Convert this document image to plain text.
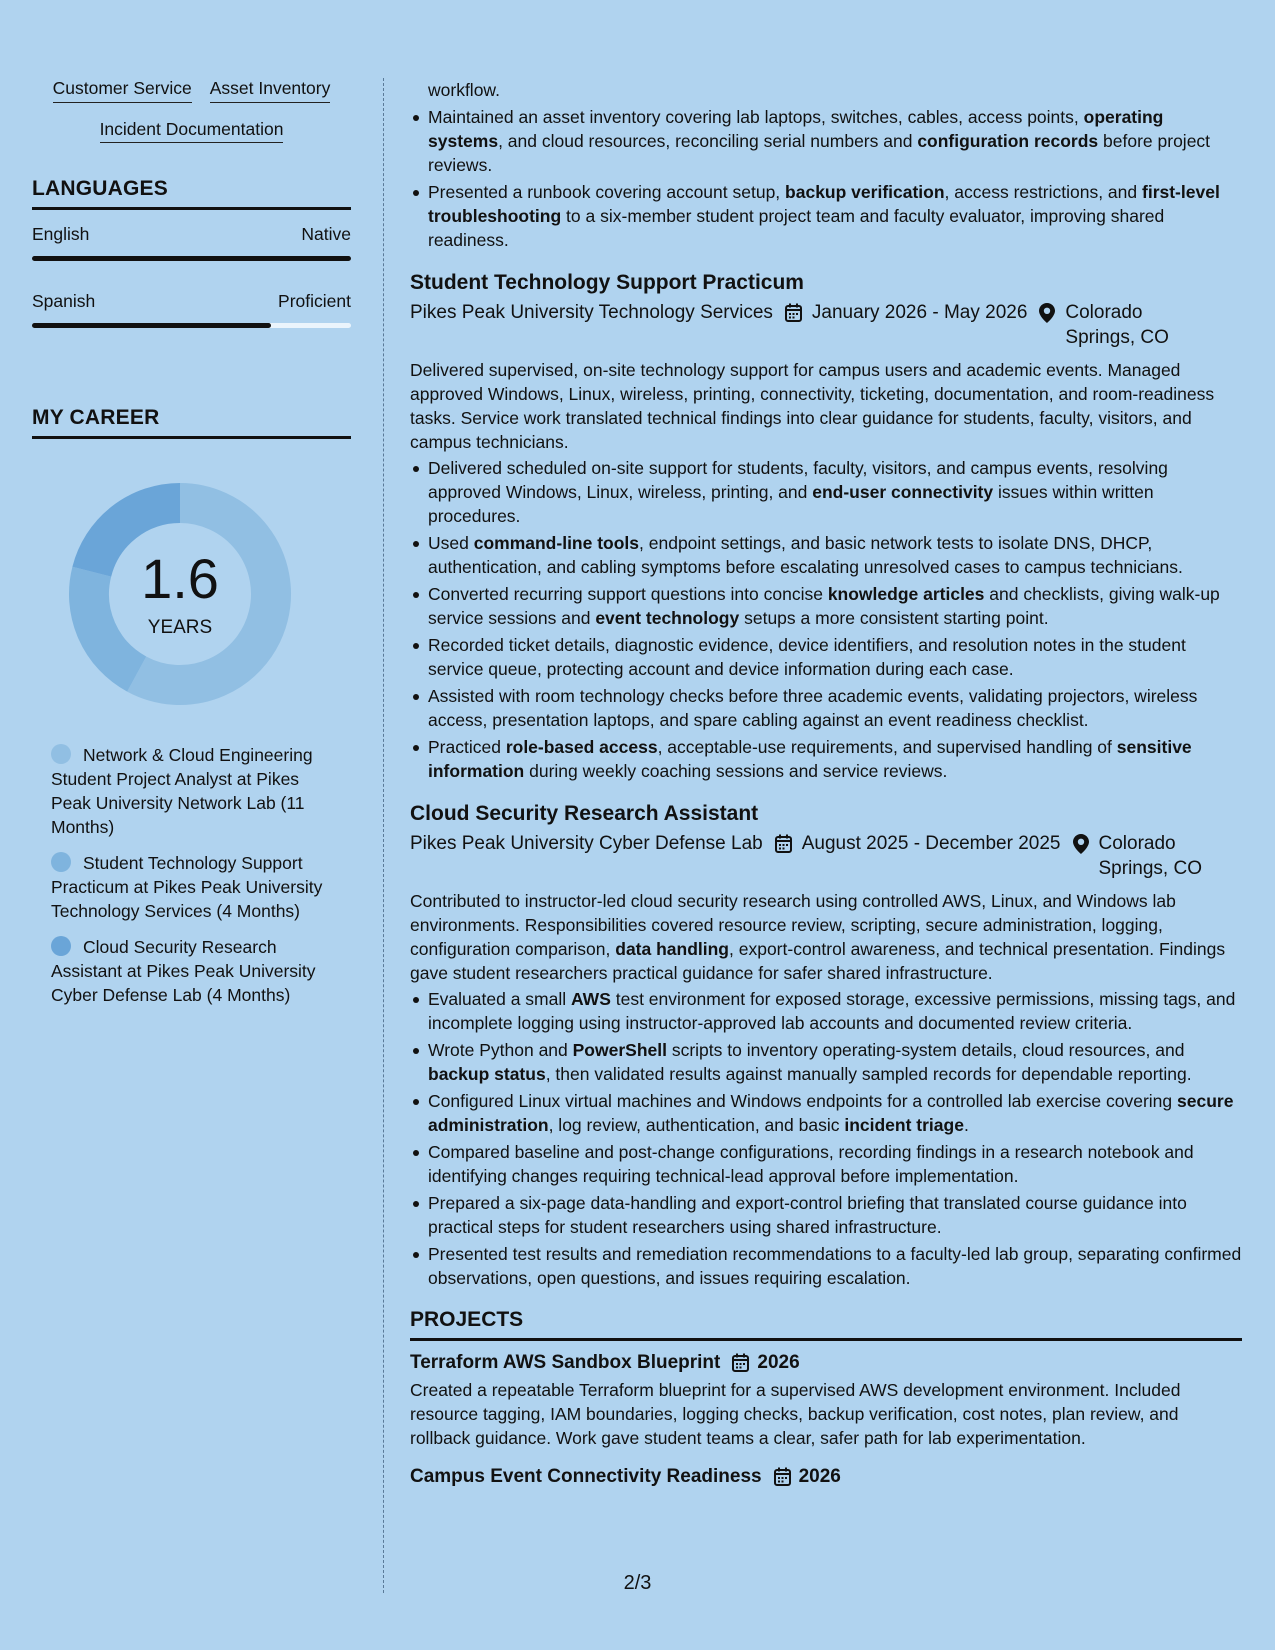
Customer Service Asset Inventory
Incident Documentation
LANGUAGES
English	Native
Spanish	Proficient
MY CAREER
1.6
YEARS
Network & Cloud Engineering Student Project Analyst at Pikes Peak University Network Lab (11 Months)
Student Technology Support Practicum at Pikes Peak University Technology Services (4 Months)
Cloud Security Research Assistant at Pikes Peak University Cyber Defense Lab (4 Months)
workflow.
Maintained an asset inventory covering lab laptops, switches, cables, access points, operating systems, and cloud resources, reconciling serial numbers and configuration records before project reviews.
Presented a runbook covering account setup, backup verification, access restrictions, and first-level troubleshooting to a six-member student project team and faculty evaluator, improving shared readiness.
Student Technology Support Practicum
Pikes Peak University Technology Services January 2026 - May 2026 Colorado Springs, CO
Delivered supervised, on-site technology support for campus users and academic events. Managed approved Windows, Linux, wireless, printing, connectivity, ticketing, documentation, and room-readiness tasks. Service work translated technical findings into clear guidance for students, faculty, visitors, and campus technicians.
Delivered scheduled on-site support for students, faculty, visitors, and campus events, resolving approved Windows, Linux, wireless, printing, and end-user connectivity issues within written procedures.
Used command-line tools, endpoint settings, and basic network tests to isolate DNS, DHCP, authentication, and cabling symptoms before escalating unresolved cases to campus technicians.
Converted recurring support questions into concise knowledge articles and checklists, giving walk-up service sessions and event technology setups a more consistent starting point.
Recorded ticket details, diagnostic evidence, device identifiers, and resolution notes in the student service queue, protecting account and device information during each case.
Assisted with room technology checks before three academic events, validating projectors, wireless access, presentation laptops, and spare cabling against an event readiness checklist.
Practiced role-based access, acceptable-use requirements, and supervised handling of sensitive information during weekly coaching sessions and service reviews.
Cloud Security Research Assistant
Pikes Peak University Cyber Defense Lab August 2025 - December 2025 Colorado Springs, CO
Contributed to instructor-led cloud security research using controlled AWS, Linux, and Windows lab environments. Responsibilities covered resource review, scripting, secure administration, logging, configuration comparison, data handling, export-control awareness, and technical presentation. Findings gave student researchers practical guidance for safer shared infrastructure.
Evaluated a small AWS test environment for exposed storage, excessive permissions, missing tags, and incomplete logging using instructor-approved lab accounts and documented review criteria.
Wrote Python and PowerShell scripts to inventory operating-system details, cloud resources, and backup status, then validated results against manually sampled records for dependable reporting.
Configured Linux virtual machines and Windows endpoints for a controlled lab exercise covering secure administration, log review, authentication, and basic incident triage.
Compared baseline and post-change configurations, recording findings in a research notebook and identifying changes requiring technical-lead approval before implementation.
Prepared a six-page data-handling and export-control briefing that translated course guidance into practical steps for student researchers using shared infrastructure.
Presented test results and remediation recommendations to a faculty-led lab group, separating confirmed observations, open questions, and issues requiring escalation.
PROJECTS
Terraform AWS Sandbox Blueprint 2026
Created a repeatable Terraform blueprint for a supervised AWS development environment. Included resource tagging, IAM boundaries, logging checks, backup verification, cost notes, plan review, and rollback guidance. Work gave student teams a clear, safer path for lab experimentation.
Campus Event Connectivity Readiness 2026
2/3
